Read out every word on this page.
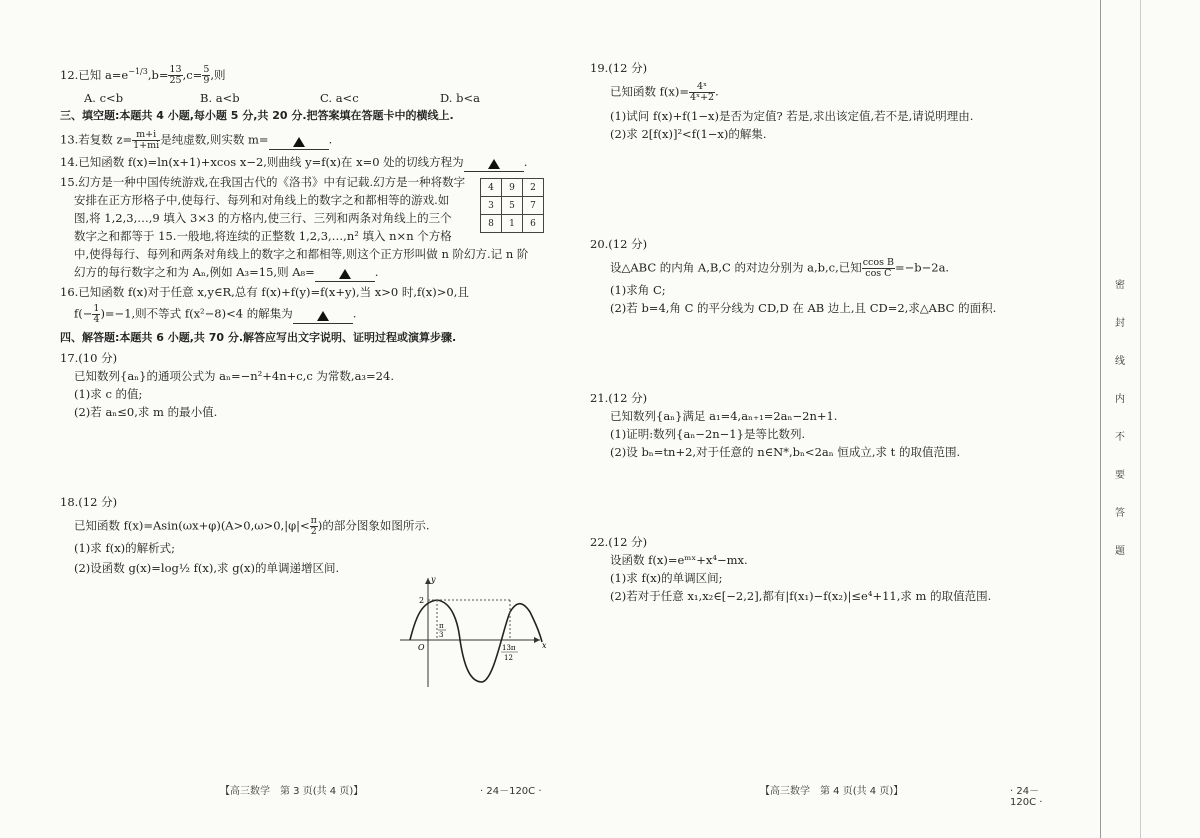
12.已知 $a=e^{-1/3},b= \frac{13}{25} ,c= \frac{5}{9}$ ,则
A. c<b	B. a<b	C. a<c	D. b<a
三、填空题:本题共 4 小题,每小题 5 分,共 20 分.把答案填在答题卡中的横线上.
13.若复数 $z= \frac{m+i}{1+mi}$ 是纯虚数,则实数 m=	.
14.已知函数 f(x)=ln(x+1)+xcos x−2,则曲线 y=f(x)在 x=0 处的切线方程为	.
15.幻方是一种中国传统游戏,在我国古代的《洛书》中有记载.幻方是一种将数字
安排在正方形格子中,使每行、每列和对角线上的数字之和都相等的游戏.如
图,将 1,2,3,…,9 填入 3×3 的方格内,使三行、三列和两条对角线上的三个
数字之和都等于 15.一般地,将连续的正整数 1,2,3,…,n² 填入 n×n 个方格
中,使得每行、每列和两条对角线上的数字之和都相等,则这个正方形叫做 n 阶幻方.记 n 阶
幻方的每行数字之和为 Aₙ,例如 A₃=15,则 A₈=	.
4	9	2
3	5	7
8	1	6
16.已知函数 f(x)对于任意 x,y∈R,总有 f(x)+f(y)=f(x+y),当 x>0 时,f(x)>0,且
$f(- \frac{1}{4} )=-1$,则不等式 f(x²−8)<4 的解集为	.
四、解答题:本题共 6 小题,共 70 分.解答应写出文字说明、证明过程或演算步骤.
17.(10 分)
已知数列{aₙ}的通项公式为 aₙ=−n²+4n+c,c 为常数,a₃=24.
(1)求 c 的值;
(2)若 aₙ≤0,求 m 的最小值.
18.(12 分)
已知函数 $f(x)=Asin(\omega x+\varphi)(A>0,\omega>0,|\varphi|< \frac{\pi}{2}$ )的部分图象如图所示.
(1)求 f(x)的解析式;
(2)设函数 g(x)=log½ f(x),求 g(x)的单调递增区间.
y
x
O
2
π
3
13π
12
【高三数学　第 3 页(共 4 页)】	· 24－120C ·
19.(12 分)
已知函数 $f(x)= \frac{\text{4ˣ}}{\text{4ˣ+2}}$ .
(1)试问 f(x)+f(1−x)是否为定值? 若是,求出该定值,若不是,请说明理由.
(2)求 2[f(x)]²<f(1−x)的解集.
20.(12 分)
设△ABC 的内角 A,B,C 的对边分别为 a,b,c,已知 $\frac{\text{ccos B}}{\text{cos C}} =-b-2a$.
(1)求角 C;
(2)若 b=4,角 C 的平分线为 CD,D 在 AB 边上,且 CD=2,求△ABC 的面积.
21.(12 分)
已知数列{aₙ}满足 a₁=4,aₙ₊₁=2aₙ−2n+1.
(1)证明:数列{aₙ−2n−1}是等比数列.
(2)设 bₙ=tn+2,对于任意的 n∈N*,bₙ<2aₙ 恒成立,求 t 的取值范围.
22.(12 分)
设函数 f(x)=eᵐˣ+x⁴−mx.
(1)求 f(x)的单调区间;
(2)若对于任意 x₁,x₂∈[−2,2],都有|f(x₁)−f(x₂)|≤e⁴+11,求 m 的取值范围.
【高三数学　第 4 页(共 4 页)】	· 24－120C ·
密
封
线
内
不
要
答
题
